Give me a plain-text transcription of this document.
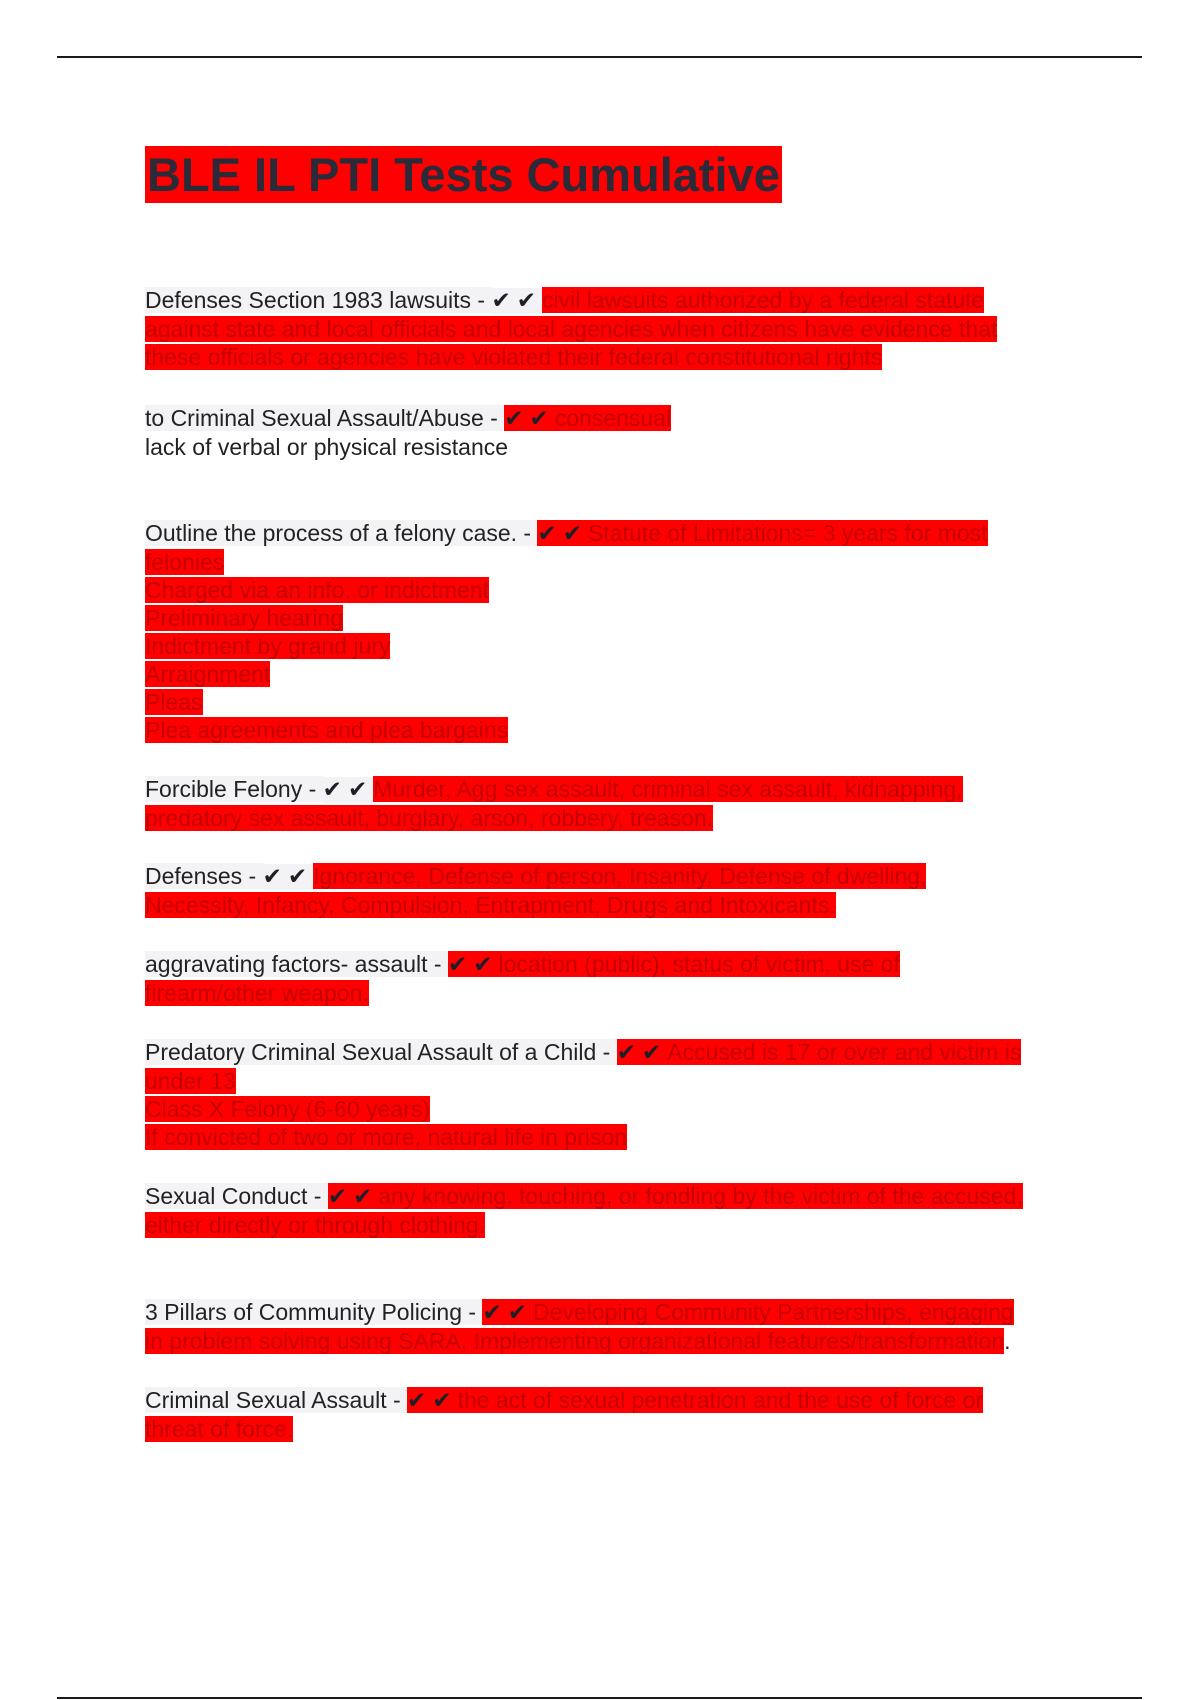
BLE IL PTI Tests Cumulative
Defenses Section 1983 lawsuits - ✔✔civil lawsuits authorized by a federal statute
against state and local officials and local agencies when citizens have evidence that
these officials or agencies have violated their federal constitutional rights
to Criminal Sexual Assault/Abuse - ✔✔consensual
lack of verbal or physical resistance
Outline the process of a felony case. - ✔✔Statute of Limitations= 3 years for most
felonies
Charged via an info. or indictment
Preliminary hearing
Indictment by grand jury
Arraignment
Pleas
Plea agreements and plea bargains
Forcible Felony - ✔✔Murder, Agg sex assault, criminal sex assault, kidnapping,
predatory sex assault, burglary, arson, robbery, treason.
Defenses - ✔✔Ignorance, Defense of person, Insanity, Defense of dwelling,
Necessity, Infancy, Compulsion, Entrapment, Drugs and Intoxicants.
aggravating factors- assault - ✔✔location (public), status of victim, use of
firearm/other weapon.
Predatory Criminal Sexual Assault of a Child - ✔✔Accused is 17 or over and victim is
under 13
Class X Felony (6-60 years)
If convicted of two or more, natural life in prison
Sexual Conduct - ✔✔any knowing, touching, or fondling by the victim of the accused,
either directly or through clothing.
3 Pillars of Community Policing - ✔✔Developing Community Partnerships, engaging
in problem solving using SARA, Implementing organizational features/transformation.
Criminal Sexual Assault - ✔✔the act of sexual penetration and the use of force or
threat of force.
